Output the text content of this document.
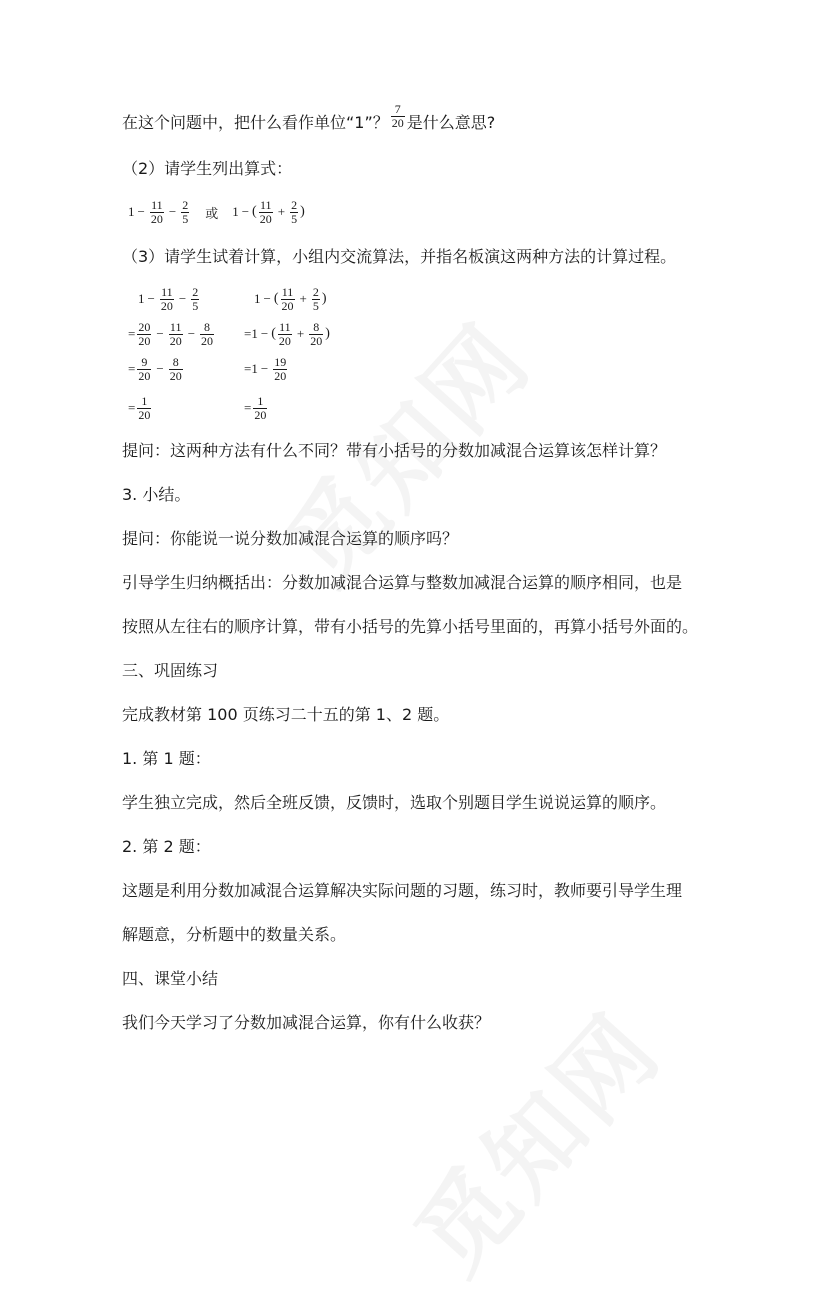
在这个问题中，把什么看作单位“1”？ $\frac{7}{20}$ 是什么意思?
（2）请学生列出算式：
$1 - \frac{11}{20} - \frac{2}{5}$ 或 1 − ( $\frac{11}{20} + \frac{2}{5}$ )
（3）请学生试着计算，小组内交流算法，并指名板演这两种方法的计算过程。
$1 - \frac{11}{20} - \frac{2}{5}$
= $\frac{20}{20} - \frac{11}{20} - \frac{8}{20}$
= $\frac{9}{20} - \frac{8}{20}$
= $\frac{1}{20}$
1 − ( $\frac{11}{20} + \frac{2}{5}$ )
= 1 − ( $\frac{11}{20} + \frac{8}{20}$ )
= $1 - \frac{19}{20}$
= $\frac{1}{20}$
提问：这两种方法有什么不同？带有小括号的分数加减混合运算该怎样计算？
3. 小结。
提问：你能说一说分数加减混合运算的顺序吗？
引导学生归纳概括出：分数加减混合运算与整数加减混合运算的顺序相同，也是
按照从左往右的顺序计算，带有小括号的先算小括号里面的，再算小括号外面的。
三、巩固练习
完成教材第 100 页练习二十五的第 1、2 题。
1. 第 1 题：
学生独立完成，然后全班反馈，反馈时，选取个别题目学生说说运算的顺序。
2. 第 2 题：
这题是利用分数加减混合运算解决实际问题的习题，练习时，教师要引导学生理
解题意，分析题中的数量关系。
四、课堂小结
我们今天学习了分数加减混合运算，你有什么收获？
